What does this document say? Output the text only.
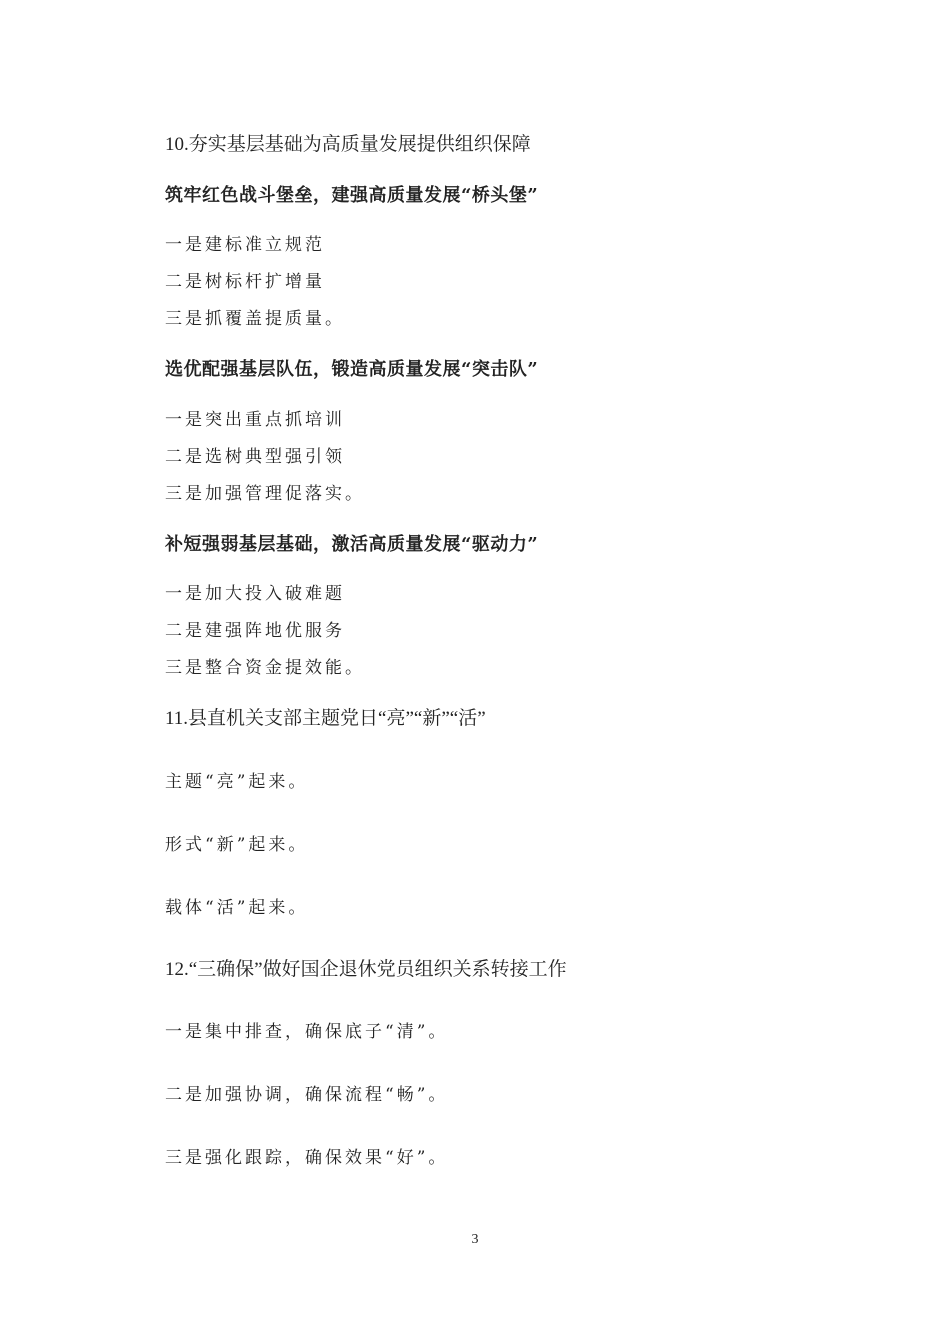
10.夯实基层基础为高质量发展提供组织保障
筑牢红色战斗堡垒，建强高质量发展“桥头堡”
一是建标准立规范
二是树标杆扩增量
三是抓覆盖提质量。
选优配强基层队伍，锻造高质量发展“突击队”
一是突出重点抓培训
二是选树典型强引领
三是加强管理促落实。
补短强弱基层基础，激活高质量发展“驱动力”
一是加大投入破难题
二是建强阵地优服务
三是整合资金提效能。
11.县直机关支部主题党日“亮”“新”“活”
主题“亮”起来。
形式“新”起来。
载体“活”起来。
12.“三确保”做好国企退休党员组织关系转接工作
一是集中排查，确保底子“清”。
二是加强协调，确保流程“畅”。
三是强化跟踪，确保效果“好”。
3
